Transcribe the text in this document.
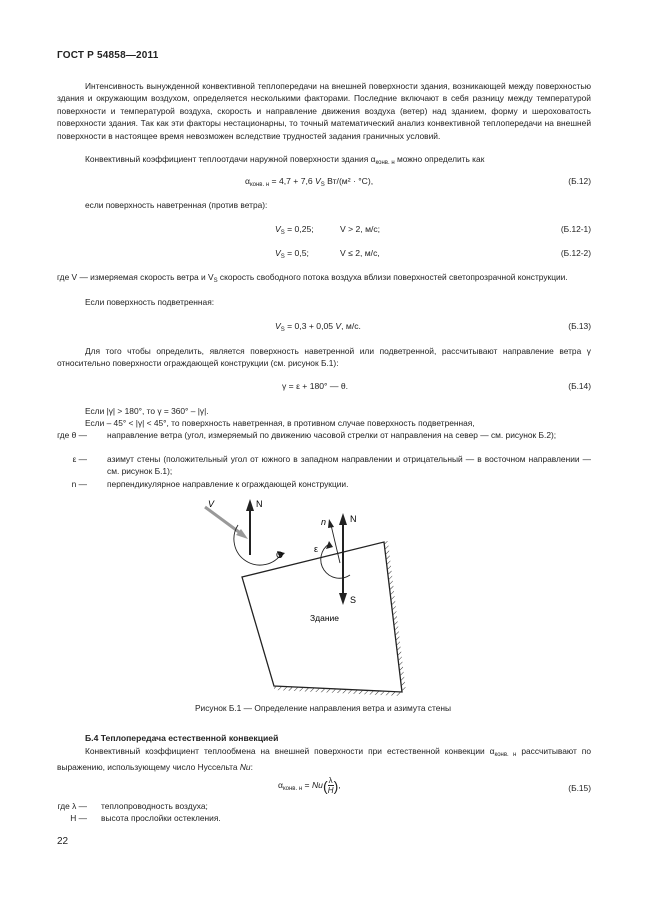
ГОСТ Р 54858—2011
Интенсивность вынужденной конвективной теплопередачи на внешней поверхности здания, возникающей между поверхностью здания и окружающим воздухом, определяется несколькими факторами. Последние включают в себя разницу между температурой поверхности и температурой воздуха, скорость и направление движения воздуха (ветер) над зданием, форму и шероховатость поверхности здания. Так как эти факторы нестационарны, то точный математический анализ конвективной теплопередачи на внешней поверхности в настоящее время невозможен вследствие трудностей задания граничных условий.
Конвективный коэффициент теплоотдачи наружной поверхности здания $\alpha_{конв. н}$ можно определить как
$\alpha_{конв. н} = 4,7 + 7,6$ $V_S$ Вт/(м² · °С),	(Б.12)
если поверхность наветренная (против ветра):
$V_S = 0,25$;	V > 2, м/с;	(Б.12-1)
$V_S = 0,5$;	V ≤ 2, м/с,	(Б.12-2)
где V — измеряемая скорость ветра и $V_S$ скорость свободного потока воздуха вблизи поверхностей светопрозрачной конструкции.
Если поверхность подветренная:
$V_S = 0,3 + 0,05$ V, м/с.	(Б.13)
Для того чтобы определить, является поверхность наветренной или подветренной, рассчитывают направление ветра γ относительно поверхности ограждающей конструкции (см. рисунок Б.1):
γ = ε + 180° — θ.	(Б.14)
Если |γ| > 180°, то γ = 360° – |γ|.
Если – 45° < |γ| < 45°, то поверхность наветренная, в противном случае поверхность подветренная,
где θ — направление ветра (угол, измеряемый по движению часовой стрелки от направления на север — см. рисунок Б.2);
ε — азимут стены (положительный угол от южного в западном направлении и отрицательный — в восточном направлении — см. рисунок Б.1);
n — перпендикулярное направление к ограждающей конструкции.
V	N
Θ
n	N
S
ε
Здание
Рисунок Б.1 — Определение направления ветра и азимута стены
Б.4 Теплопередача естественной конвекцией
Конвективный коэффициент теплообмена на внешней поверхности при естественной конвекции $\alpha_{конв. н}$ рассчитывают по выражению, использующему число Нуссельта Nu:
$\alpha_{конв. н} = Nu( \frac{\lambda}{H}$ ),	(Б.15)
где λ — теплопроводность воздуха;
H — высота прослойки остекления.
22
